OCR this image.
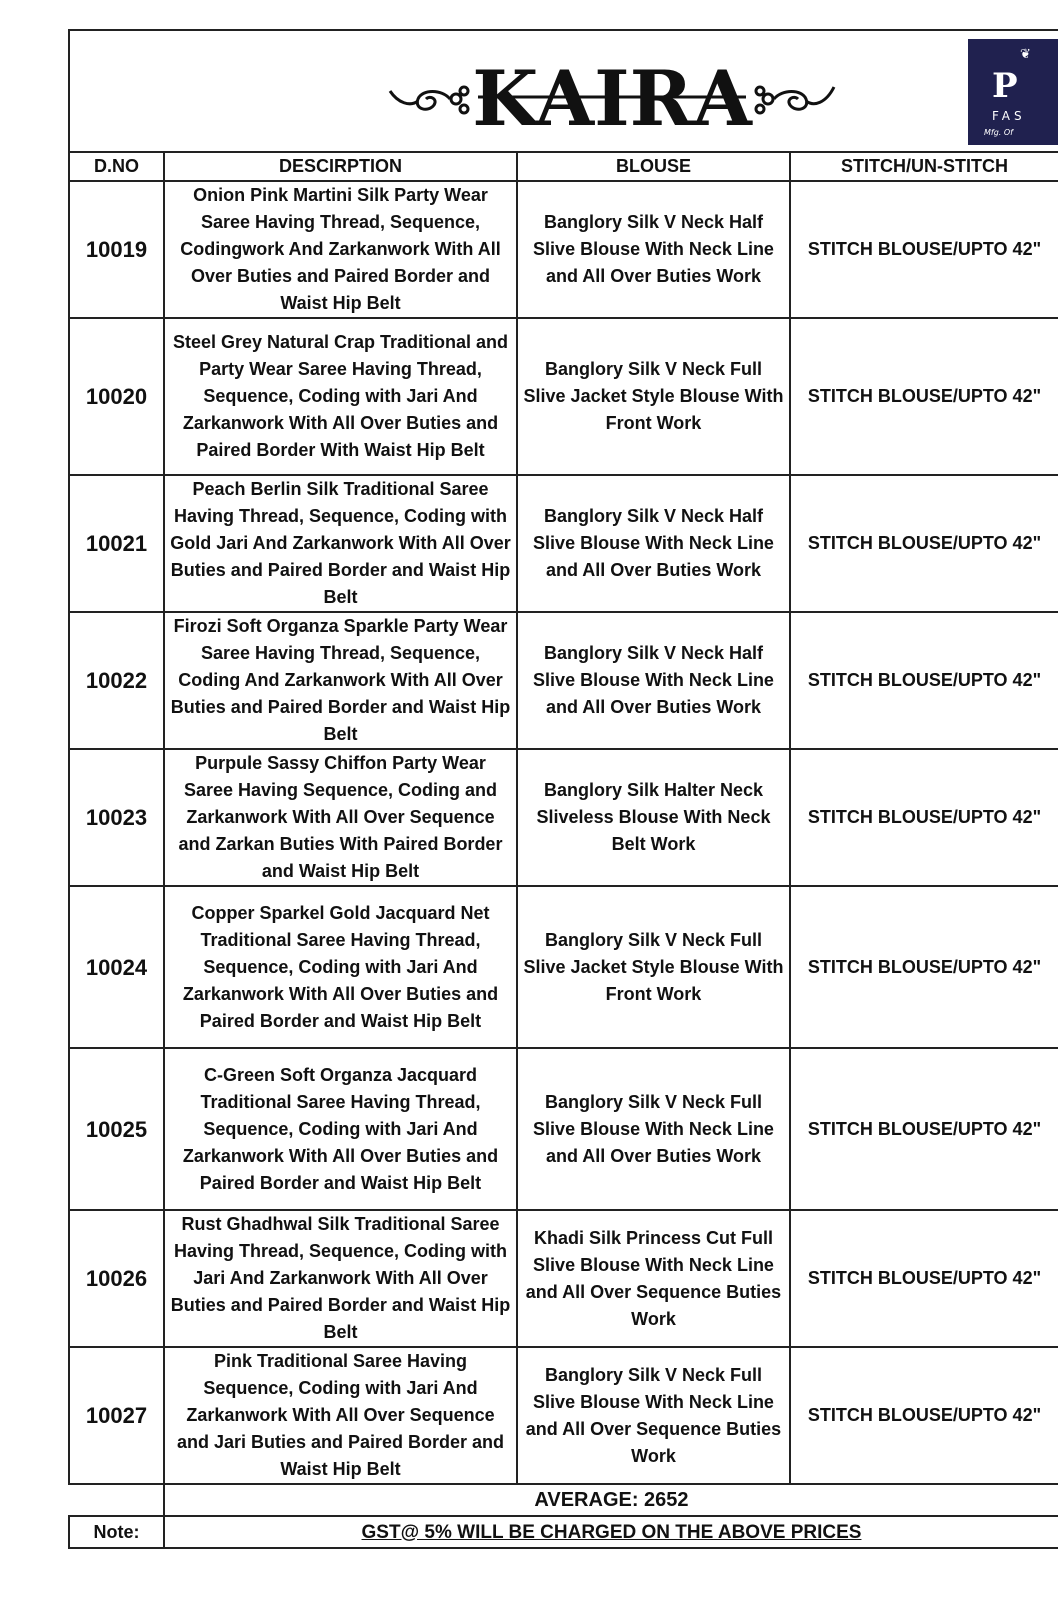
KAIRA	❦
P
FAS
Mfg. Of
D.NO	DESCIRPTION	BLOUSE	STITCH/UN-STITCH
10019	Onion Pink Martini Silk Party Wear Saree Having Thread, Sequence, Codingwork And Zarkanwork With All Over Buties and Paired Border and Waist Hip Belt	Banglory Silk V Neck Half Slive Blouse With Neck Line and All Over Buties Work	STITCH BLOUSE/UPTO 42"
10020	Steel Grey Natural Crap Traditional and Party Wear Saree Having Thread, Sequence, Coding with Jari And Zarkanwork With All Over Buties and Paired Border With Waist Hip Belt	Banglory Silk V Neck Full Slive Jacket Style Blouse With Front Work	STITCH BLOUSE/UPTO 42"
10021	Peach Berlin Silk Traditional Saree Having Thread, Sequence, Coding with Gold Jari And Zarkanwork With All Over Buties and Paired Border and Waist Hip Belt	Banglory Silk V Neck Half Slive Blouse With Neck Line and All Over Buties Work	STITCH BLOUSE/UPTO 42"
10022	Firozi Soft Organza Sparkle Party Wear Saree Having Thread, Sequence, Coding And Zarkanwork With All Over Buties and Paired Border and Waist Hip Belt	Banglory Silk V Neck Half Slive Blouse With Neck Line and All Over Buties Work	STITCH BLOUSE/UPTO 42"
10023	Purpule Sassy Chiffon Party Wear Saree Having Sequence, Coding and Zarkanwork With All Over Sequence and Zarkan Buties With Paired Border and Waist Hip Belt	Banglory Silk Halter Neck Sliveless Blouse With Neck Belt Work	STITCH BLOUSE/UPTO 42"
10024	Copper Sparkel Gold Jacquard Net Traditional Saree Having Thread, Sequence, Coding with Jari And Zarkanwork With All Over Buties and Paired Border and Waist Hip Belt	Banglory Silk V Neck Full Slive Jacket Style Blouse With Front Work	STITCH BLOUSE/UPTO 42"
10025	C-Green Soft Organza Jacquard Traditional Saree Having Thread, Sequence, Coding with Jari And Zarkanwork With All Over Buties and Paired Border and Waist Hip Belt	Banglory Silk V Neck Full Slive Blouse With Neck Line and All Over Buties Work	STITCH BLOUSE/UPTO 42"
10026	Rust Ghadhwal Silk Traditional Saree Having Thread, Sequence, Coding with Jari And Zarkanwork With All Over Buties and Paired Border and Waist Hip Belt	Khadi Silk Princess Cut Full Slive Blouse With Neck Line and All Over Sequence Buties Work	STITCH BLOUSE/UPTO 42"
10027	Pink Traditional Saree Having Sequence, Coding with Jari And Zarkanwork With All Over Sequence and Jari Buties and Paired Border and Waist Hip Belt	Banglory Silk V Neck Full Slive Blouse With Neck Line and All Over Sequence Buties Work	STITCH BLOUSE/UPTO 42"
	AVERAGE: 2652		
Note:	GST@ 5% WILL BE CHARGED ON THE ABOVE PRICES		
